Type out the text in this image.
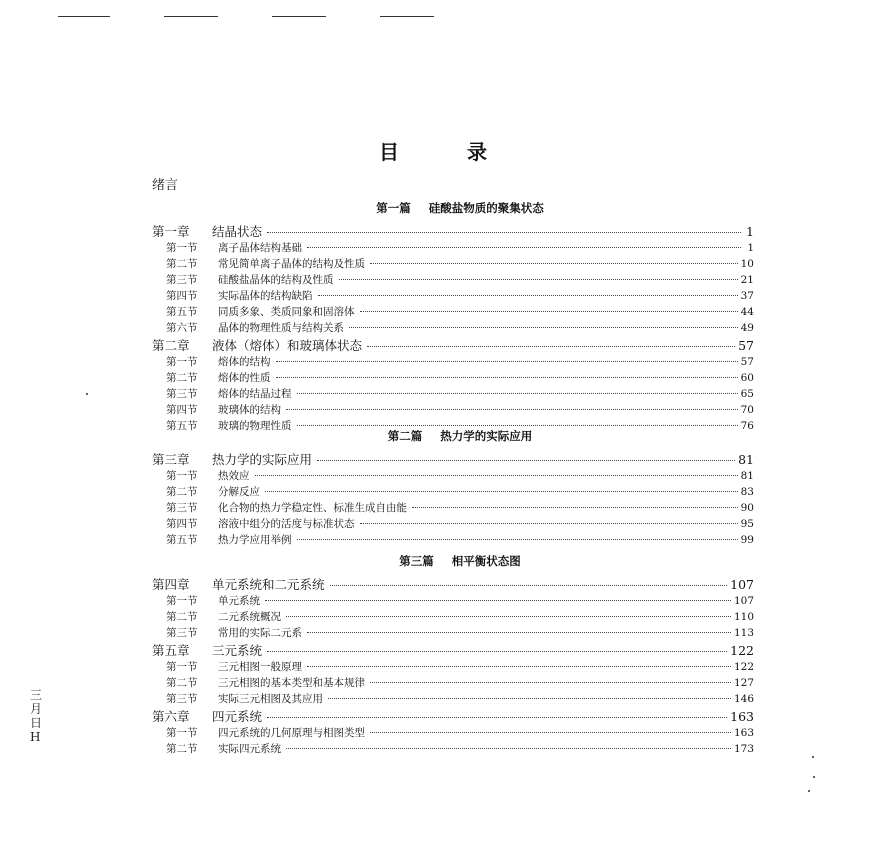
目	录
绪言
第一篇 硅酸盐物质的聚集状态
第一章	结晶状态	1
第一节	离子晶体结构基础	1
第二节	常见简单离子晶体的结构及性质	10
第三节	硅酸盐晶体的结构及性质	21
第四节	实际晶体的结构缺陷	37
第五节	同质多象、类质同象和固溶体	44
第六节	晶体的物理性质与结构关系	49
第二章	液体（熔体）和玻璃体状态	57
第一节	熔体的结构	57
第二节	熔体的性质	60
第三节	熔体的结晶过程	65
第四节	玻璃体的结构	70
第五节	玻璃的物理性质	76
第二篇 热力学的实际应用
第三章	热力学的实际应用	81
第一节	热效应	81
第二节	分解反应	83
第三节	化合物的热力学稳定性、标准生成自由能	90
第四节	溶液中组分的活度与标准状态	95
第五节	热力学应用举例	99
第三篇 相平衡状态图
第四章	单元系统和二元系统	107
第一节	单元系统	107
第二节	二元系统概况	110
第三节	常用的实际二元系	113
第五章	三元系统	122
第一节	三元相图一般原理	122
第二节	三元相图的基本类型和基本规律	127
第三节	实际三元相图及其应用	146
第六章	四元系统	163
第一节	四元系统的几何原理与相图类型	163
第二节	实际四元系统	173
三月日H
